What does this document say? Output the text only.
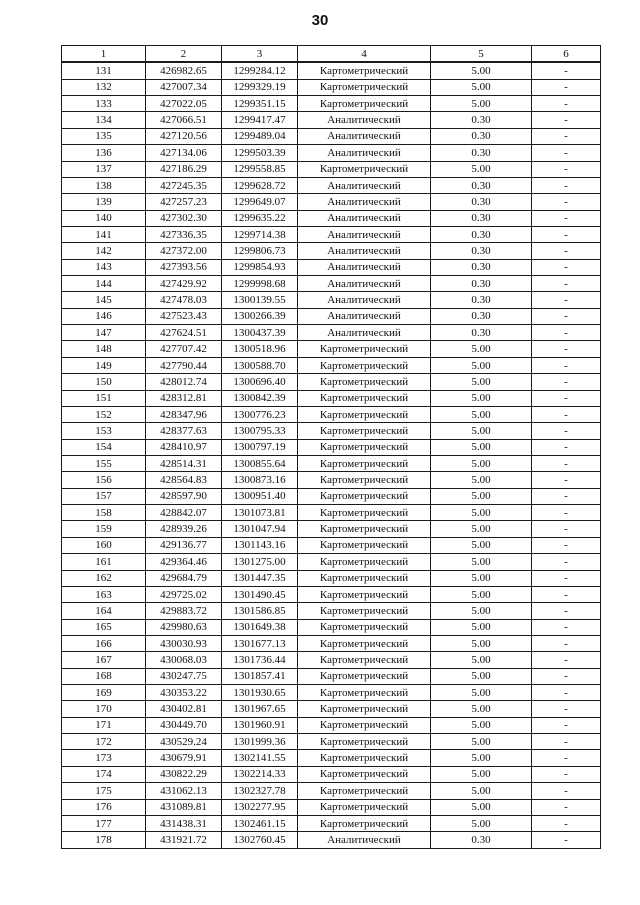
30
1	2	3	4	5	6
131	426982.65	1299284.12	Картометрический	5.00	-
132	427007.34	1299329.19	Картометрический	5.00	-
133	427022.05	1299351.15	Картометрический	5.00	-
134	427066.51	1299417.47	Аналитический	0.30	-
135	427120.56	1299489.04	Аналитический	0.30	-
136	427134.06	1299503.39	Аналитический	0.30	-
137	427186.29	1299558.85	Картометрический	5.00	-
138	427245.35	1299628.72	Аналитический	0.30	-
139	427257.23	1299649.07	Аналитический	0.30	-
140	427302.30	1299635.22	Аналитический	0.30	-
141	427336.35	1299714.38	Аналитический	0.30	-
142	427372.00	1299806.73	Аналитический	0.30	-
143	427393.56	1299854.93	Аналитический	0.30	-
144	427429.92	1299998.68	Аналитический	0.30	-
145	427478.03	1300139.55	Аналитический	0.30	-
146	427523.43	1300266.39	Аналитический	0.30	-
147	427624.51	1300437.39	Аналитический	0.30	-
148	427707.42	1300518.96	Картометрический	5.00	-
149	427790.44	1300588.70	Картометрический	5.00	-
150	428012.74	1300696.40	Картометрический	5.00	-
151	428312.81	1300842.39	Картометрический	5.00	-
152	428347.96	1300776.23	Картометрический	5.00	-
153	428377.63	1300795.33	Картометрический	5.00	-
154	428410.97	1300797.19	Картометрический	5.00	-
155	428514.31	1300855.64	Картометрический	5.00	-
156	428564.83	1300873.16	Картометрический	5.00	-
157	428597.90	1300951.40	Картометрический	5.00	-
158	428842.07	1301073.81	Картометрический	5.00	-
159	428939.26	1301047.94	Картометрический	5.00	-
160	429136.77	1301143.16	Картометрический	5.00	-
161	429364.46	1301275.00	Картометрический	5.00	-
162	429684.79	1301447.35	Картометрический	5.00	-
163	429725.02	1301490.45	Картометрический	5.00	-
164	429883.72	1301586.85	Картометрический	5.00	-
165	429980.63	1301649.38	Картометрический	5.00	-
166	430030.93	1301677.13	Картометрический	5.00	-
167	430068.03	1301736.44	Картометрический	5.00	-
168	430247.75	1301857.41	Картометрический	5.00	-
169	430353.22	1301930.65	Картометрический	5.00	-
170	430402.81	1301967.65	Картометрический	5.00	-
171	430449.70	1301960.91	Картометрический	5.00	-
172	430529.24	1301999.36	Картометрический	5.00	-
173	430679.91	1302141.55	Картометрический	5.00	-
174	430822.29	1302214.33	Картометрический	5.00	-
175	431062.13	1302327.78	Картометрический	5.00	-
176	431089.81	1302277.95	Картометрический	5.00	-
177	431438.31	1302461.15	Картометрический	5.00	-
178	431921.72	1302760.45	Аналитический	0.30	-
